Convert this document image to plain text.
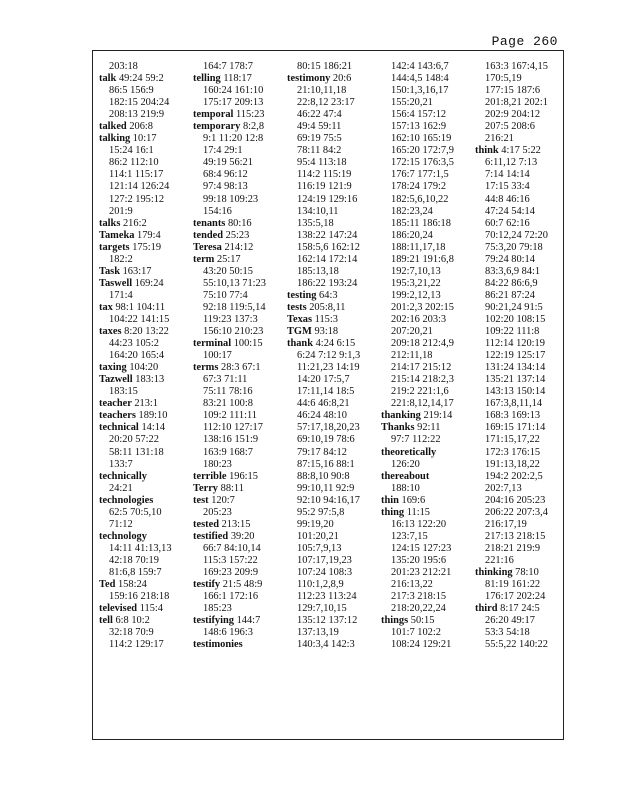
Page 260
203:18
talk 49:24 59:2
86:5 156:9
182:15 204:24
208:13 219:9
talked 206:8
talking 10:17
15:24 16:1
86:2 112:10
114:1 115:17
121:14 126:24
127:2 195:12
201:9
talks 216:2
Tameka 179:4
targets 175:19
182:2
Task 163:17
Taswell 169:24
171:4
tax 98:1 104:11
104:22 141:15
taxes 8:20 13:22
44:23 105:2
164:20 165:4
taxing 104:20
Tazwell 183:13
183:15
teacher 213:1
teachers 189:10
technical 14:14
20:20 57:22
58:11 131:18
133:7
technically
24:21
technologies
62:5 70:5,10
71:12
technology
14:11 41:13,13
42:18 70:19
81:6,8 159:7
Ted 158:24
159:16 218:18
televised 115:4
tell 6:8 10:2
32:18 70:9
114:2 129:17
164:7 178:7
telling 118:17
160:24 161:10
175:17 209:13
temporal 115:23
temporary 8:2,8
9:1 11:20 12:8
17:4 29:1
49:19 56:21
68:4 96:12
97:4 98:13
99:18 109:23
154:16
tenants 80:16
tended 25:23
Teresa 214:12
term 25:17
43:20 50:15
55:10,13 71:23
75:10 77:4
92:18 119:5,14
119:23 137:3
156:10 210:23
terminal 100:15
100:17
terms 28:3 67:1
67:3 71:11
75:11 78:16
83:21 100:8
109:2 111:11
112:10 127:17
138:16 151:9
163:9 168:7
180:23
terrible 196:15
Terry 88:11
test 120:7
205:23
tested 213:15
testified 39:20
66:7 84:10,14
115:3 157:22
169:23 209:9
testify 21:5 48:9
166:1 172:16
185:23
testifying 144:7
148:6 196:3
testimonies
80:15 186:21
testimony 20:6
21:10,11,18
22:8,12 23:17
46:22 47:4
49:4 59:11
69:19 75:5
78:11 84:2
95:4 113:18
114:2 115:19
116:19 121:9
124:19 129:16
134:10,11
135:5,18
138:22 147:24
158:5,6 162:12
162:14 172:14
185:13,18
186:22 193:24
testing 64:3
tests 205:8,11
Texas 115:3
TGM 93:18
thank 4:24 6:15
6:24 7:12 9:1,3
11:21,23 14:19
14:20 17:5,7
17:11,14 18:5
44:6 46:8,21
46:24 48:10
57:17,18,20,23
69:10,19 78:6
79:17 84:12
87:15,16 88:1
88:8,10 90:8
99:10,11 92:9
92:10 94:16,17
95:2 97:5,8
99:19,20
101:20,21
105:7,9,13
107:17,19,23
107:24 108:3
110:1,2,8,9
112:23 113:24
129:7,10,15
135:12 137:12
137:13,19
140:3,4 142:3
142:4 143:6,7
144:4,5 148:4
150:1,3,16,17
155:20,21
156:4 157:12
157:13 162:9
162:10 165:19
165:20 172:7,9
172:15 176:3,5
176:7 177:1,5
178:24 179:2
182:5,6,10,22
182:23,24
185:11 186:18
186:20,24
188:11,17,18
189:21 191:6,8
192:7,10,13
195:3,21,22
199:2,12,13
201:2,3 202:15
202:16 203:3
207:20,21
209:18 212:4,9
212:11,18
214:17 215:12
215:14 218:2,3
219:2 221:1,6
221:8,12,14,17
thanking 219:14
Thanks 92:11
97:7 112:22
theoretically
126:20
thereabout
188:10
thin 169:6
thing 11:15
16:13 122:20
123:7,15
124:15 127:23
135:20 195:6
201:23 212:21
216:13,22
217:3 218:15
218:20,22,24
things 50:15
101:7 102:2
108:24 129:21
163:3 167:4,15
170:5,19
177:15 187:6
201:8,21 202:1
202:9 204:12
207:5 208:6
216:21
think 4:17 5:22
6:11,12 7:13
7:14 14:14
17:15 33:4
44:8 46:16
47:24 54:14
60:7 62:16
70:12,24 72:20
75:3,20 79:18
79:24 80:14
83:3,6,9 84:1
84:22 86:6,9
86:21 87:24
90:21,24 91:5
102:20 108:15
109:22 111:8
112:14 120:19
122:19 125:17
131:24 134:14
135:21 137:14
143:13 150:14
167:3,8,11,14
168:3 169:13
169:15 171:14
171:15,17,22
172:3 176:15
191:13,18,22
194:2 202:2,5
202:7,13
204:16 205:23
206:22 207:3,4
216:17,19
217:13 218:15
218:21 219:9
221:16
thinking 78:10
81:19 161:22
176:17 202:24
third 8:17 24:5
26:20 49:17
53:3 54:18
55:5,22 140:22
